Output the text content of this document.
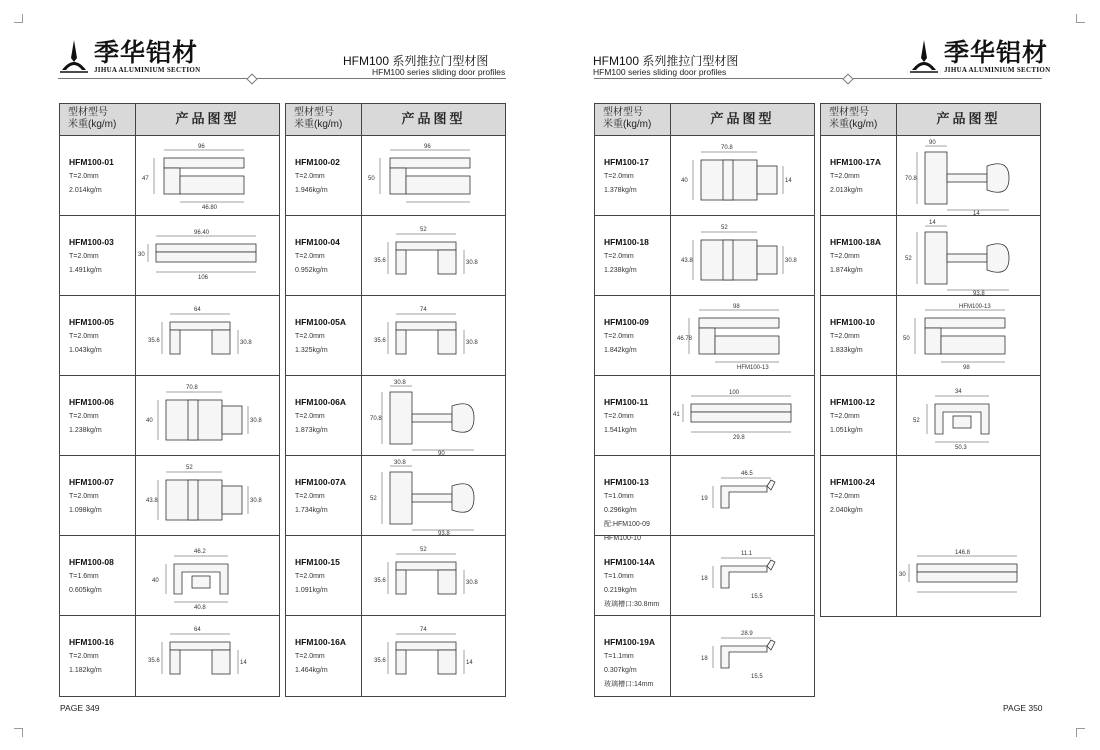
季华铝材
JIHUA ALUMINIUM SECTION
HFM100 系列推拉门型材图
HFM100 series sliding door profiles
型材型号
米重(kg/m)	产品图型
HFM100-01
T=2.0mm
2.014kg/m
96
47
46.80
HFM100-03
T=2.0mm
1.491kg/m
96.40
30
106
HFM100-05
T=2.0mm
1.043kg/m
64
35.6	30.8
HFM100-06
T=2.0mm
1.238kg/m
70.8
40	30.8
HFM100-07
T=2.0mm
1.098kg/m
52
43.8	30.8
HFM100-08
T=1.6mm
0.605kg/m
46.2
40
40.8
HFM100-16
T=2.0mm
1.182kg/m
64
35.6	14
型材型号
米重(kg/m)	产品图型
HFM100-02
T=2.0mm
1.946kg/m
96
50
HFM100-04
T=2.0mm
0.952kg/m
52
35.6	30.8
HFM100-05A
T=2.0mm
1.325kg/m
74
35.6	30.8
HFM100-06A
T=2.0mm
1.873kg/m
30.8
70.8
90
HFM100-07A
T=2.0mm
1.734kg/m
30.8
52
93.8
HFM100-15
T=2.0mm
1.091kg/m
52
35.6	30.8
HFM100-16A
T=2.0mm
1.464kg/m
74
35.6	14
PAGE 349
HFM100 系列推拉门型材图
HFM100 series sliding door profiles
季华铝材
JIHUA ALUMINIUM SECTION
型材型号
米重(kg/m)	产品图型
HFM100-17
T=2.0mm
1.378kg/m
70.8
40	14
HFM100-18
T=2.0mm
1.238kg/m
52
43.8	30.8
HFM100-09
T=2.0mm
1.842kg/m
98
46.78
HFM100-13
HFM100-11
T=2.0mm
1.541kg/m
100
41
29.8
HFM100-13
T=1.0mm
0.296kg/m
配:HFM100-09
HFM100-10
46.5
19
HFM100-14A
T=1.0mm
0.219kg/m
玻璃槽口:30.8mm
11.1
18
15.5
HFM100-19A
T=1.1mm
0.307kg/m
玻璃槽口:14mm
28.9
18
15.5
型材型号
米重(kg/m)	产品图型
HFM100-17A
T=2.0mm
2.013kg/m
90
70.8
14
HFM100-18A
T=2.0mm
1.874kg/m
14
52
93.8
HFM100-10
T=2.0mm
1.833kg/m
HFM100-13
50
98
HFM100-12
T=2.0mm
1.051kg/m
34
52
50.3
HFM100-24
T=2.0mm
2.040kg/m
146.8
30
PAGE 350
